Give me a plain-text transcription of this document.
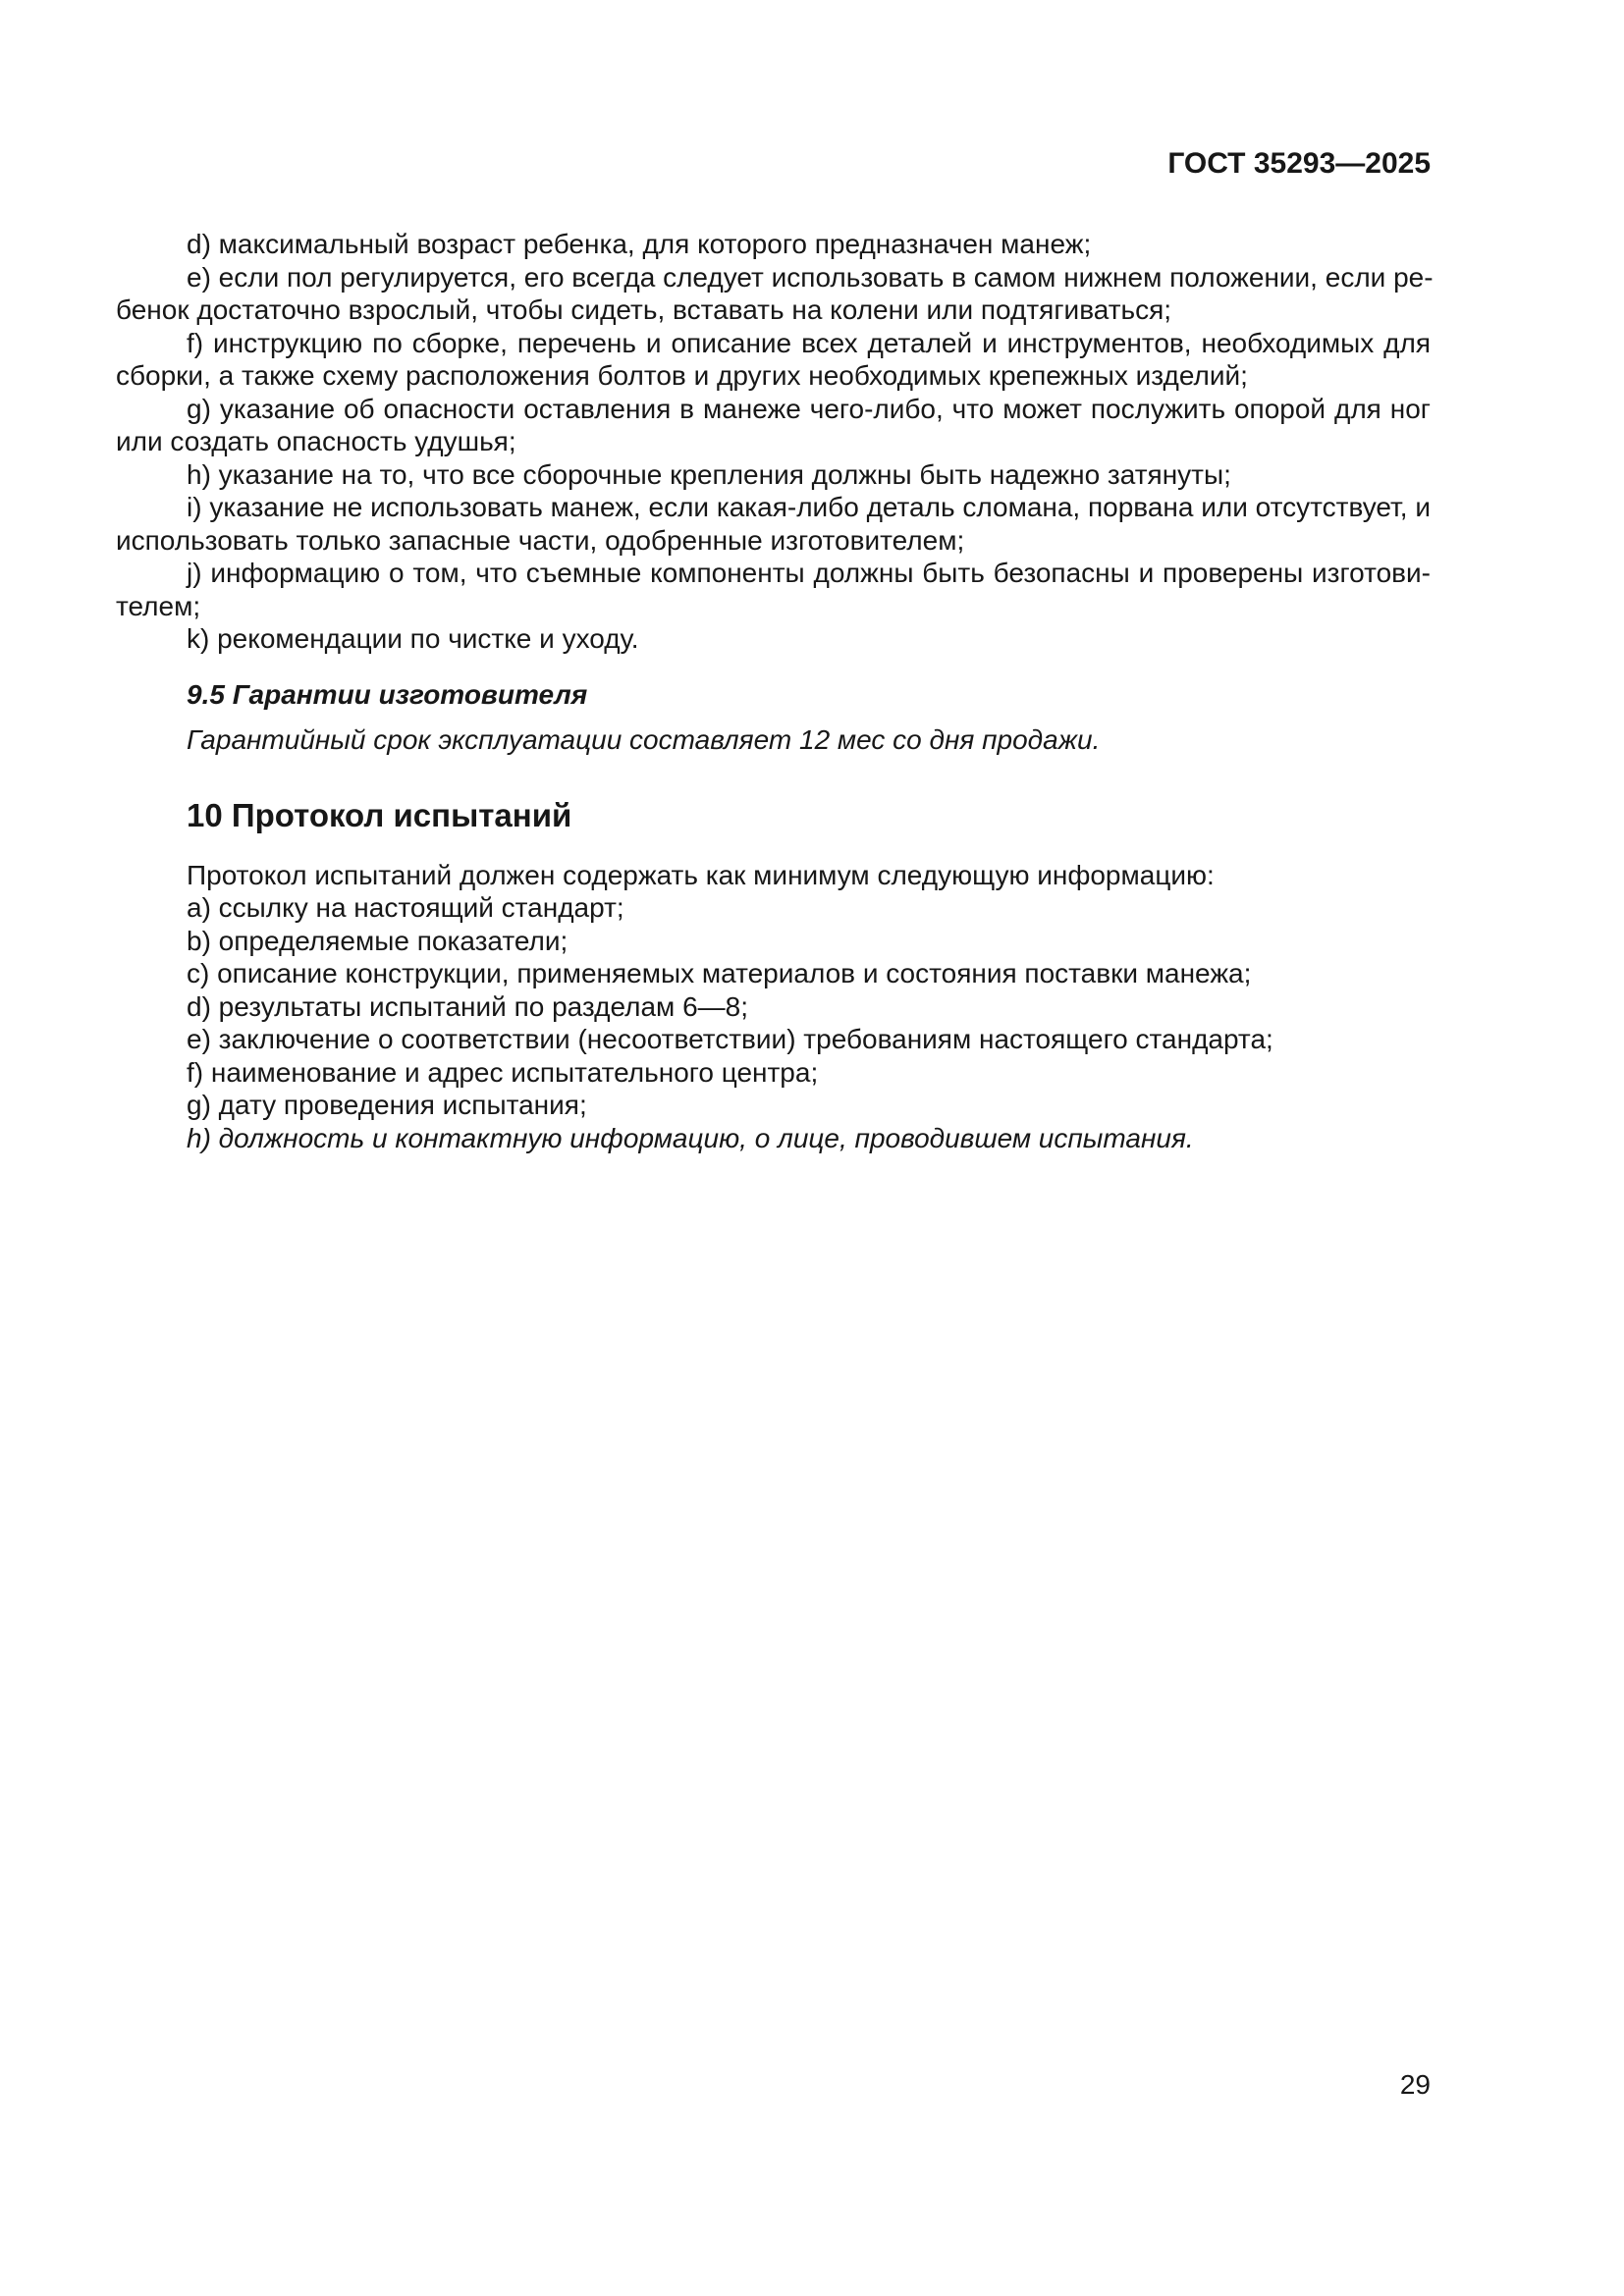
ГОСТ 35293—2025

d) максимальный возраст ребенка, для которого предназначен манеж;

e) если пол регулируется, его всегда следует использовать в самом нижнем положении, если ре-

бенок достаточно взрослый, чтобы сидеть, вставать на колени или подтягиваться;

f) инструкцию по сборке, перечень и описание всех деталей и инструментов, необходимых для

сборки, а также схему расположения болтов и других необходимых крепежных изделий;

g) указание об опасности оставления в манеже чего-либо, что может послужить опорой для ног

или создать опасность удушья;

h) указание на то, что все сборочные крепления должны быть надежно затянуты;

i) указание не использовать манеж, если какая-либо деталь сломана, порвана или отсутствует, и

использовать только запасные части, одобренные изготовителем;

j) информацию о том, что съемные компоненты должны быть безопасны и проверены изготови-

телем;

k) рекомендации по чистке и уходу.

9.5 Гарантии изготовителя

Гарантийный срок эксплуатации составляет 12 мес со дня продажи.

10 Протокол испытаний

Протокол испытаний должен содержать как минимум следующую информацию:

a) ссылку на настоящий стандарт;

b) определяемые показатели;

c) описание конструкции, применяемых материалов и состояния поставки манежа;

d) результаты испытаний по разделам 6—8;

e) заключение о соответствии (несоответствии) требованиям настоящего стандарта;

f) наименование и адрес испытательного центра;

g) дату проведения испытания;

h) должность и контактную информацию, о лице, проводившем испытания.

29
